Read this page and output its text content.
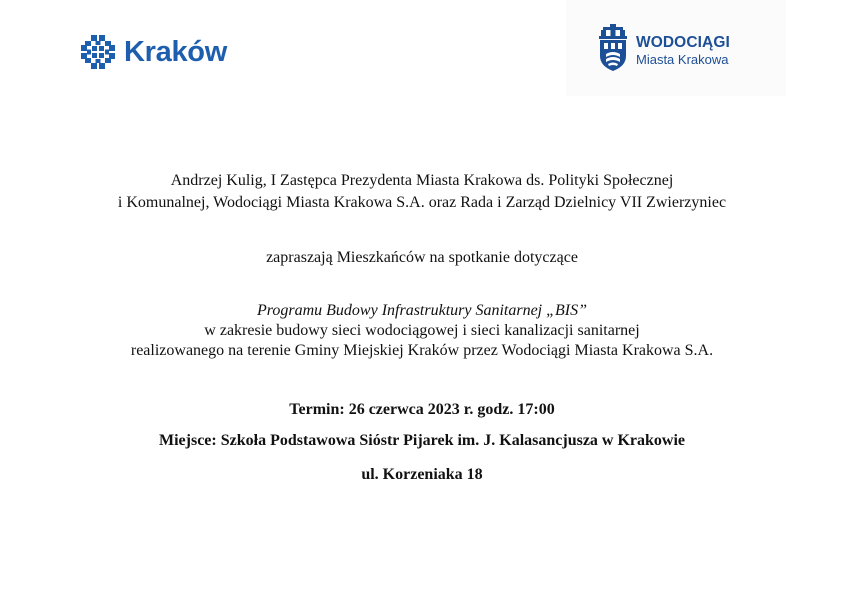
Kraków	WODOCIĄGI
Miasta Krakowa
Andrzej Kulig, I Zastępca Prezydenta Miasta Krakowa ds. Polityki Społecznej
i Komunalnej, Wodociągi Miasta Krakowa S.A. oraz Rada i Zarząd Dzielnicy VII Zwierzyniec
zapraszają Mieszkańców na spotkanie dotyczące
Programu Budowy Infrastruktury Sanitarnej „BIS”
w zakresie budowy sieci wodociągowej i sieci kanalizacji sanitarnej
realizowanego na terenie Gminy Miejskiej Kraków przez Wodociągi Miasta Krakowa S.A.
Termin: 26 czerwca 2023 r. godz. 17:00
Miejsce: Szkoła Podstawowa Sióstr Pijarek im. J. Kalasancjusza w Krakowie
ul. Korzeniaka 18
